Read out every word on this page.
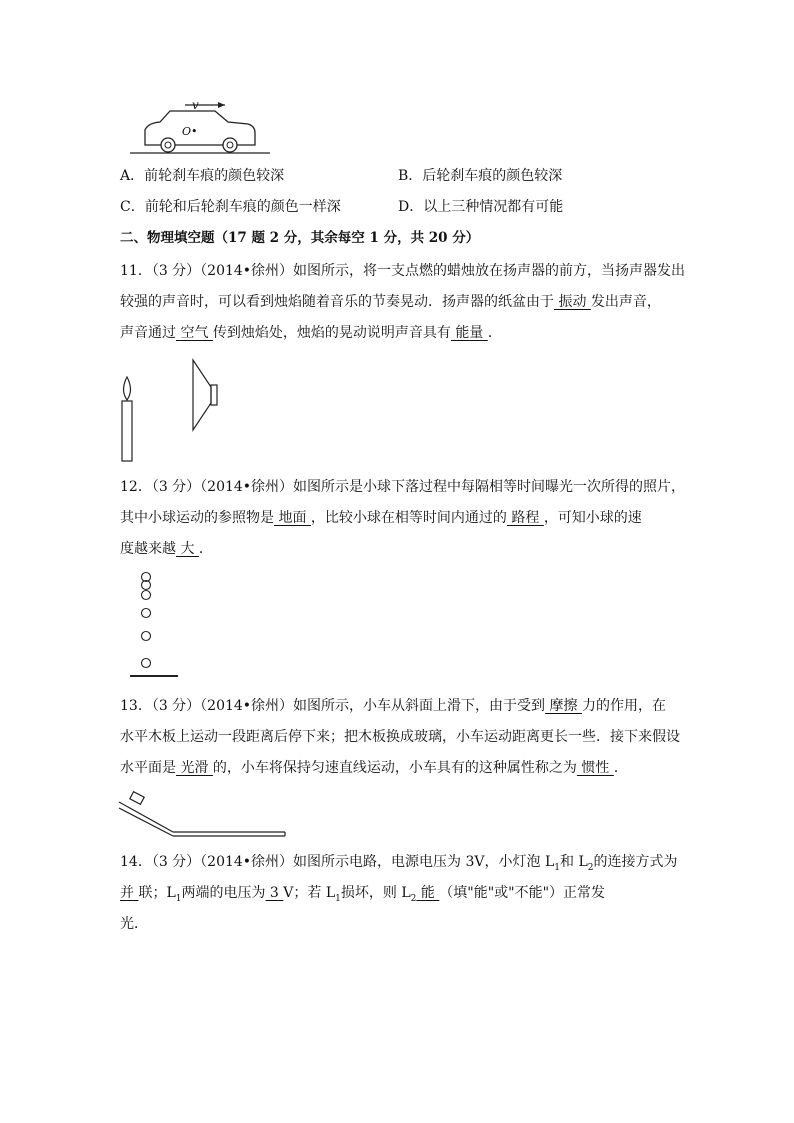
v
O•
A．前轮刹车痕的颜色较深	B．后轮刹车痕的颜色较深
C．前轮和后轮刹车痕的颜色一样深	D．以上三种情况都有可能
二、物理填空题（17 题 2 分，其余每空 1 分，共 20 分）
11．（3 分）（2014•徐州）如图所示，将一支点燃的蜡烛放在扬声器的前方，当扬声器发出
较强的声音时，可以看到烛焰随着音乐的节奏晃动．扬声器的纸盆由于 振动 发出声音，
声音通过 空气 传到烛焰处，烛焰的晃动说明声音具有 能量 ．
12．（3 分）（2014•徐州）如图所示是小球下落过程中每隔相等时间曝光一次所得的照片，
其中小球运动的参照物是 地面 ，比较小球在相等时间内通过的 路程 ，可知小球的速
度越来越 大 ．
13．（3 分）（2014•徐州）如图所示，小车从斜面上滑下，由于受到 摩擦 力的作用，在
水平木板上运动一段距离后停下来；把木板换成玻璃，小车运动距离更长一些．接下来假设
水平面是 光滑 的，小车将保持匀速直线运动，小车具有的这种属性称之为 惯性 ．
14．（3 分）（2014•徐州）如图所示电路，电源电压为 3V，小灯泡 $L_1$和 $L_2$的连接方式为
并 联；$L_1$两端的电压为 3 V；若 $L_1$损坏，则 $L_2$ 能 （填"能"或"不能"）正常发
光．
